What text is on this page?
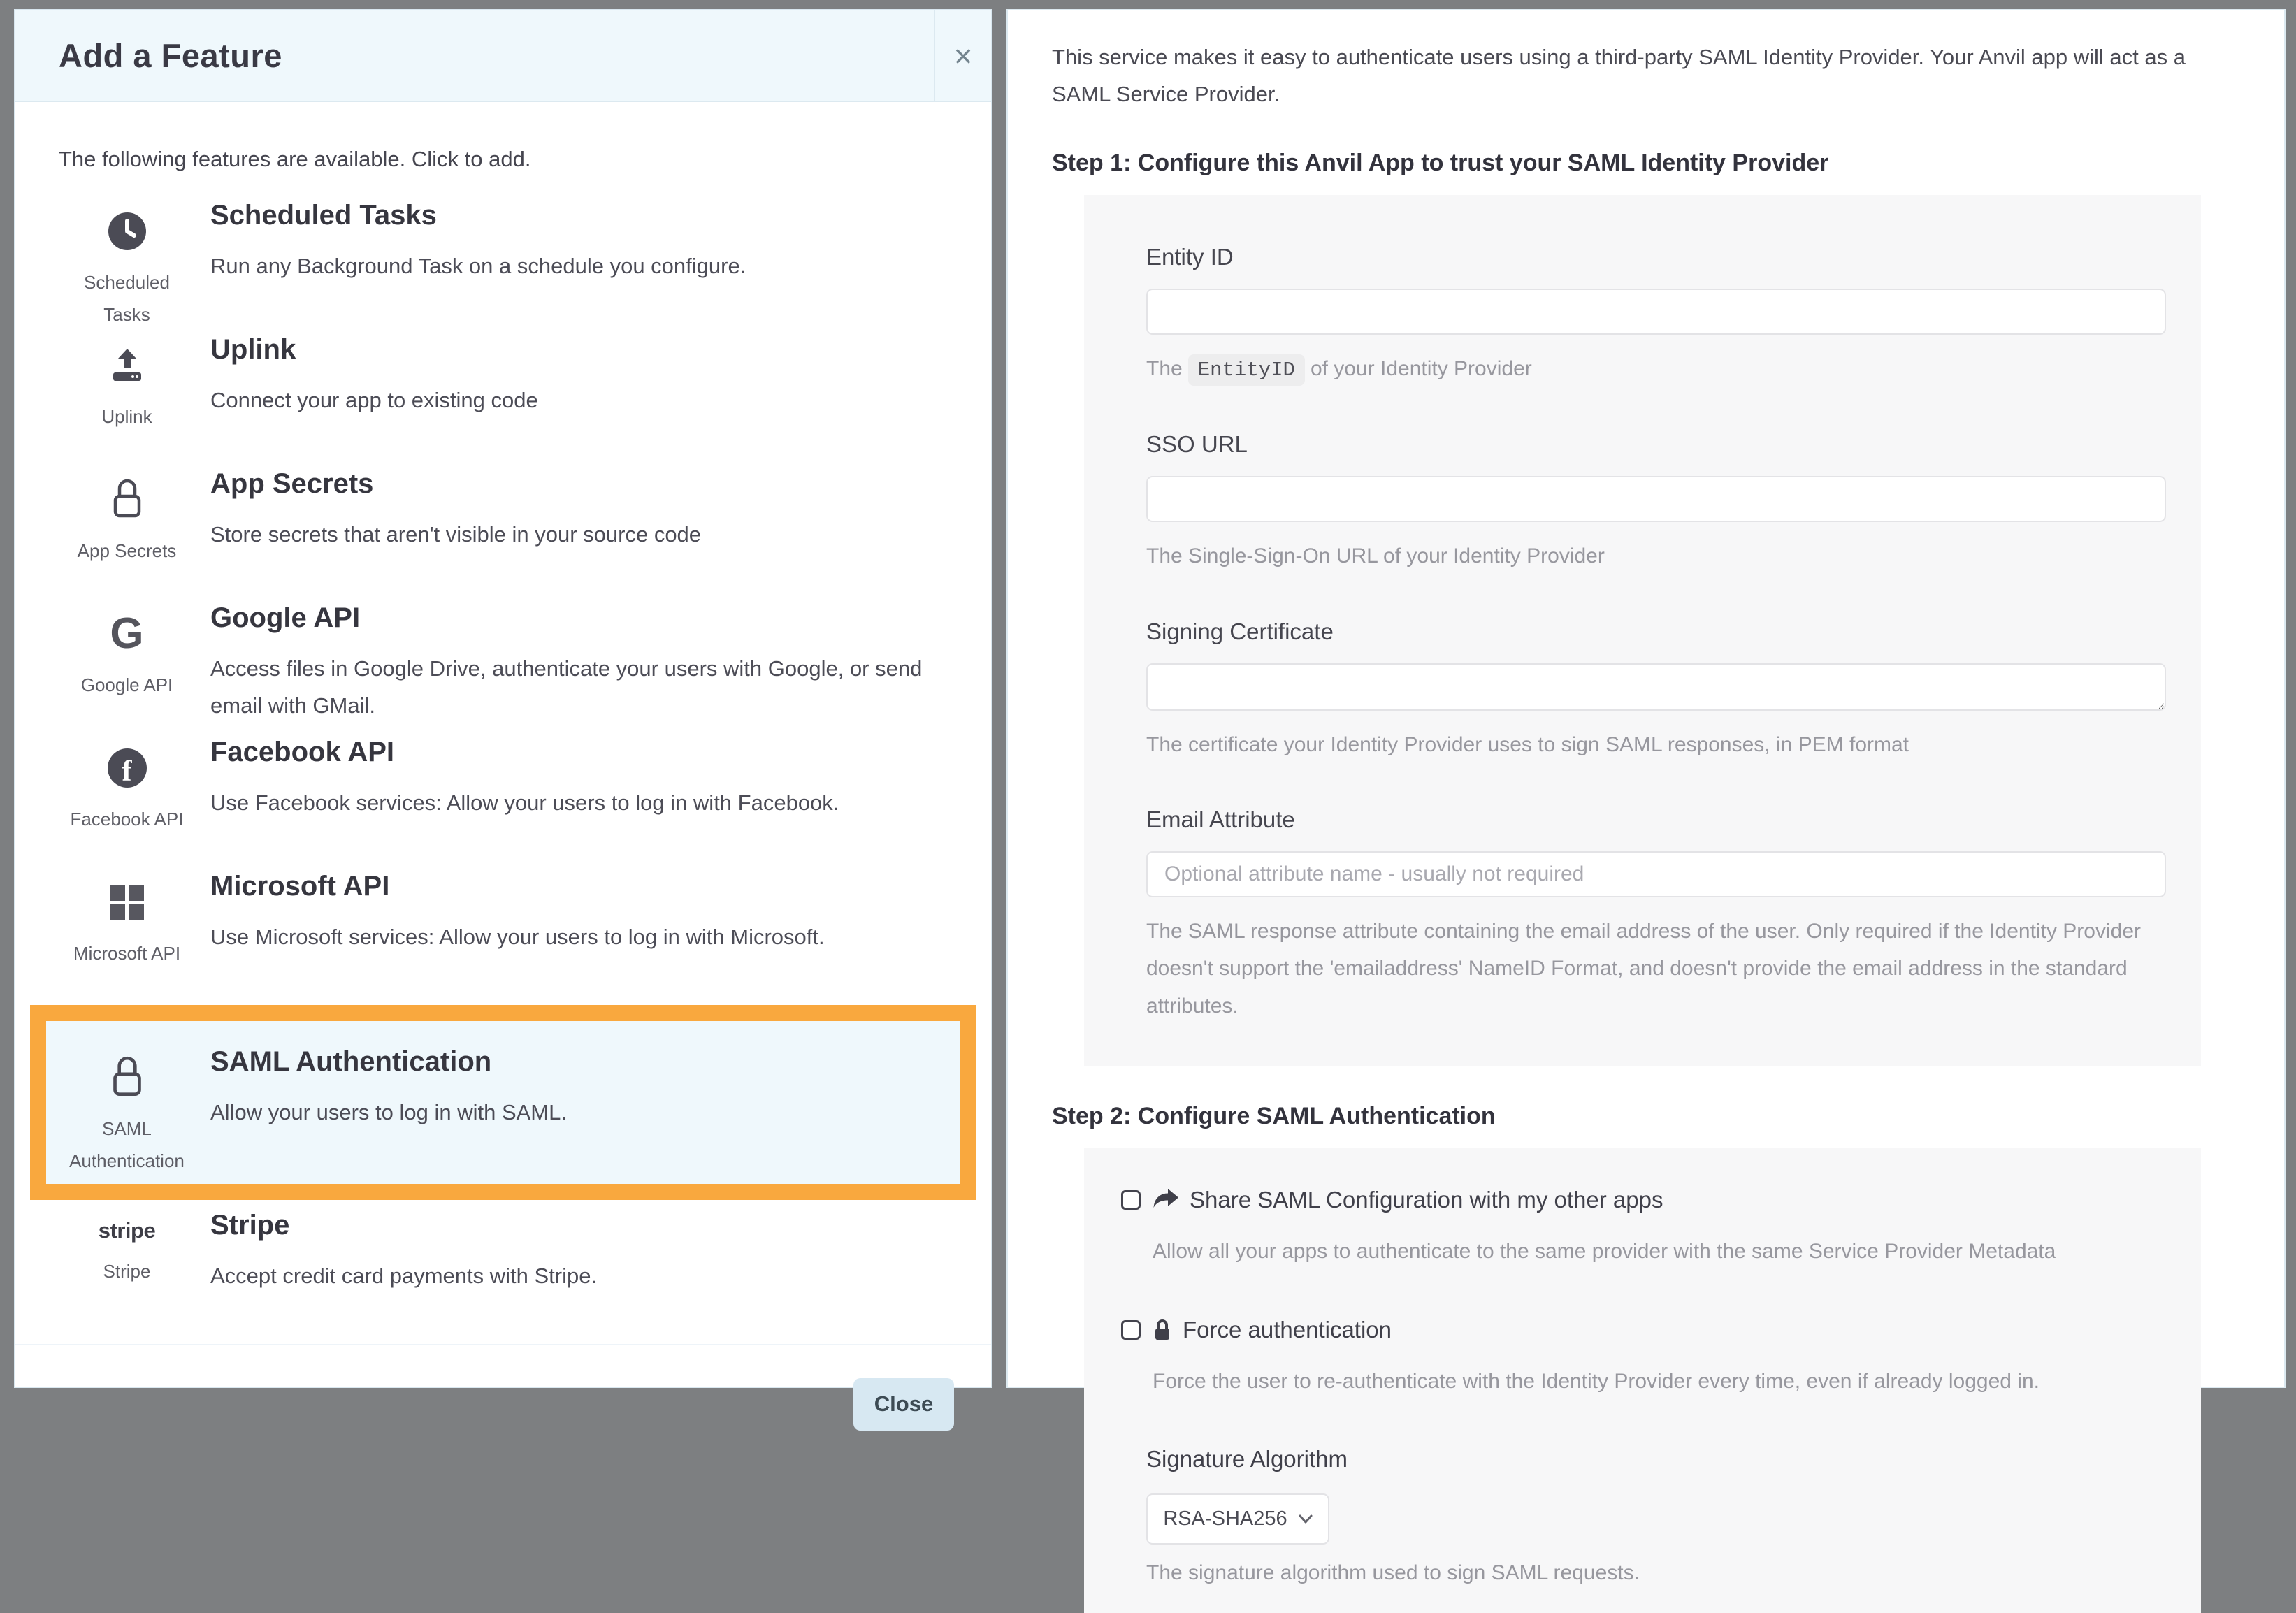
Add a Feature	×
The following features are available. Click to add.
Scheduled Tasks
Scheduled Tasks
Run any Background Task on a schedule you configure.
Uplink
Uplink
Connect your app to existing code
App Secrets
App Secrets
Store secrets that aren't visible in your source code
G
Google API
Google API
Access files in Google Drive, authenticate your users with Google, or send email with GMail.
f
Facebook API
Facebook API
Use Facebook services: Allow your users to log in with Facebook.
Microsoft API
Microsoft API
Use Microsoft services: Allow your users to log in with Microsoft.
SAML Authentication
SAML Authentication
Allow your users to log in with SAML.
stripe
Stripe
Stripe
Accept credit card payments with Stripe.
Close
This service makes it easy to authenticate users using a third-party SAML Identity Provider. Your Anvil app will act as a SAML Service Provider.
Step 1: Configure this Anvil App to trust your SAML Identity Provider
Entity ID
The EntityID of your Identity Provider
SSO URL
The Single-Sign-On URL of your Identity Provider
Signing Certificate
The certificate your Identity Provider uses to sign SAML responses, in PEM format
Email Attribute
Optional attribute name - usually not required
The SAML response attribute containing the email address of the user. Only required if the Identity Provider doesn't support the 'emailaddress' NameID Format, and doesn't provide the email address in the standard attributes.
Step 2: Configure SAML Authentication
Share SAML Configuration with my other apps
Allow all your apps to authenticate to the same provider with the same Service Provider Metadata
Force authentication
Force the user to re-authenticate with the Identity Provider every time, even if already logged in.
Signature Algorithm
RSA-SHA256
The signature algorithm used to sign SAML requests.
